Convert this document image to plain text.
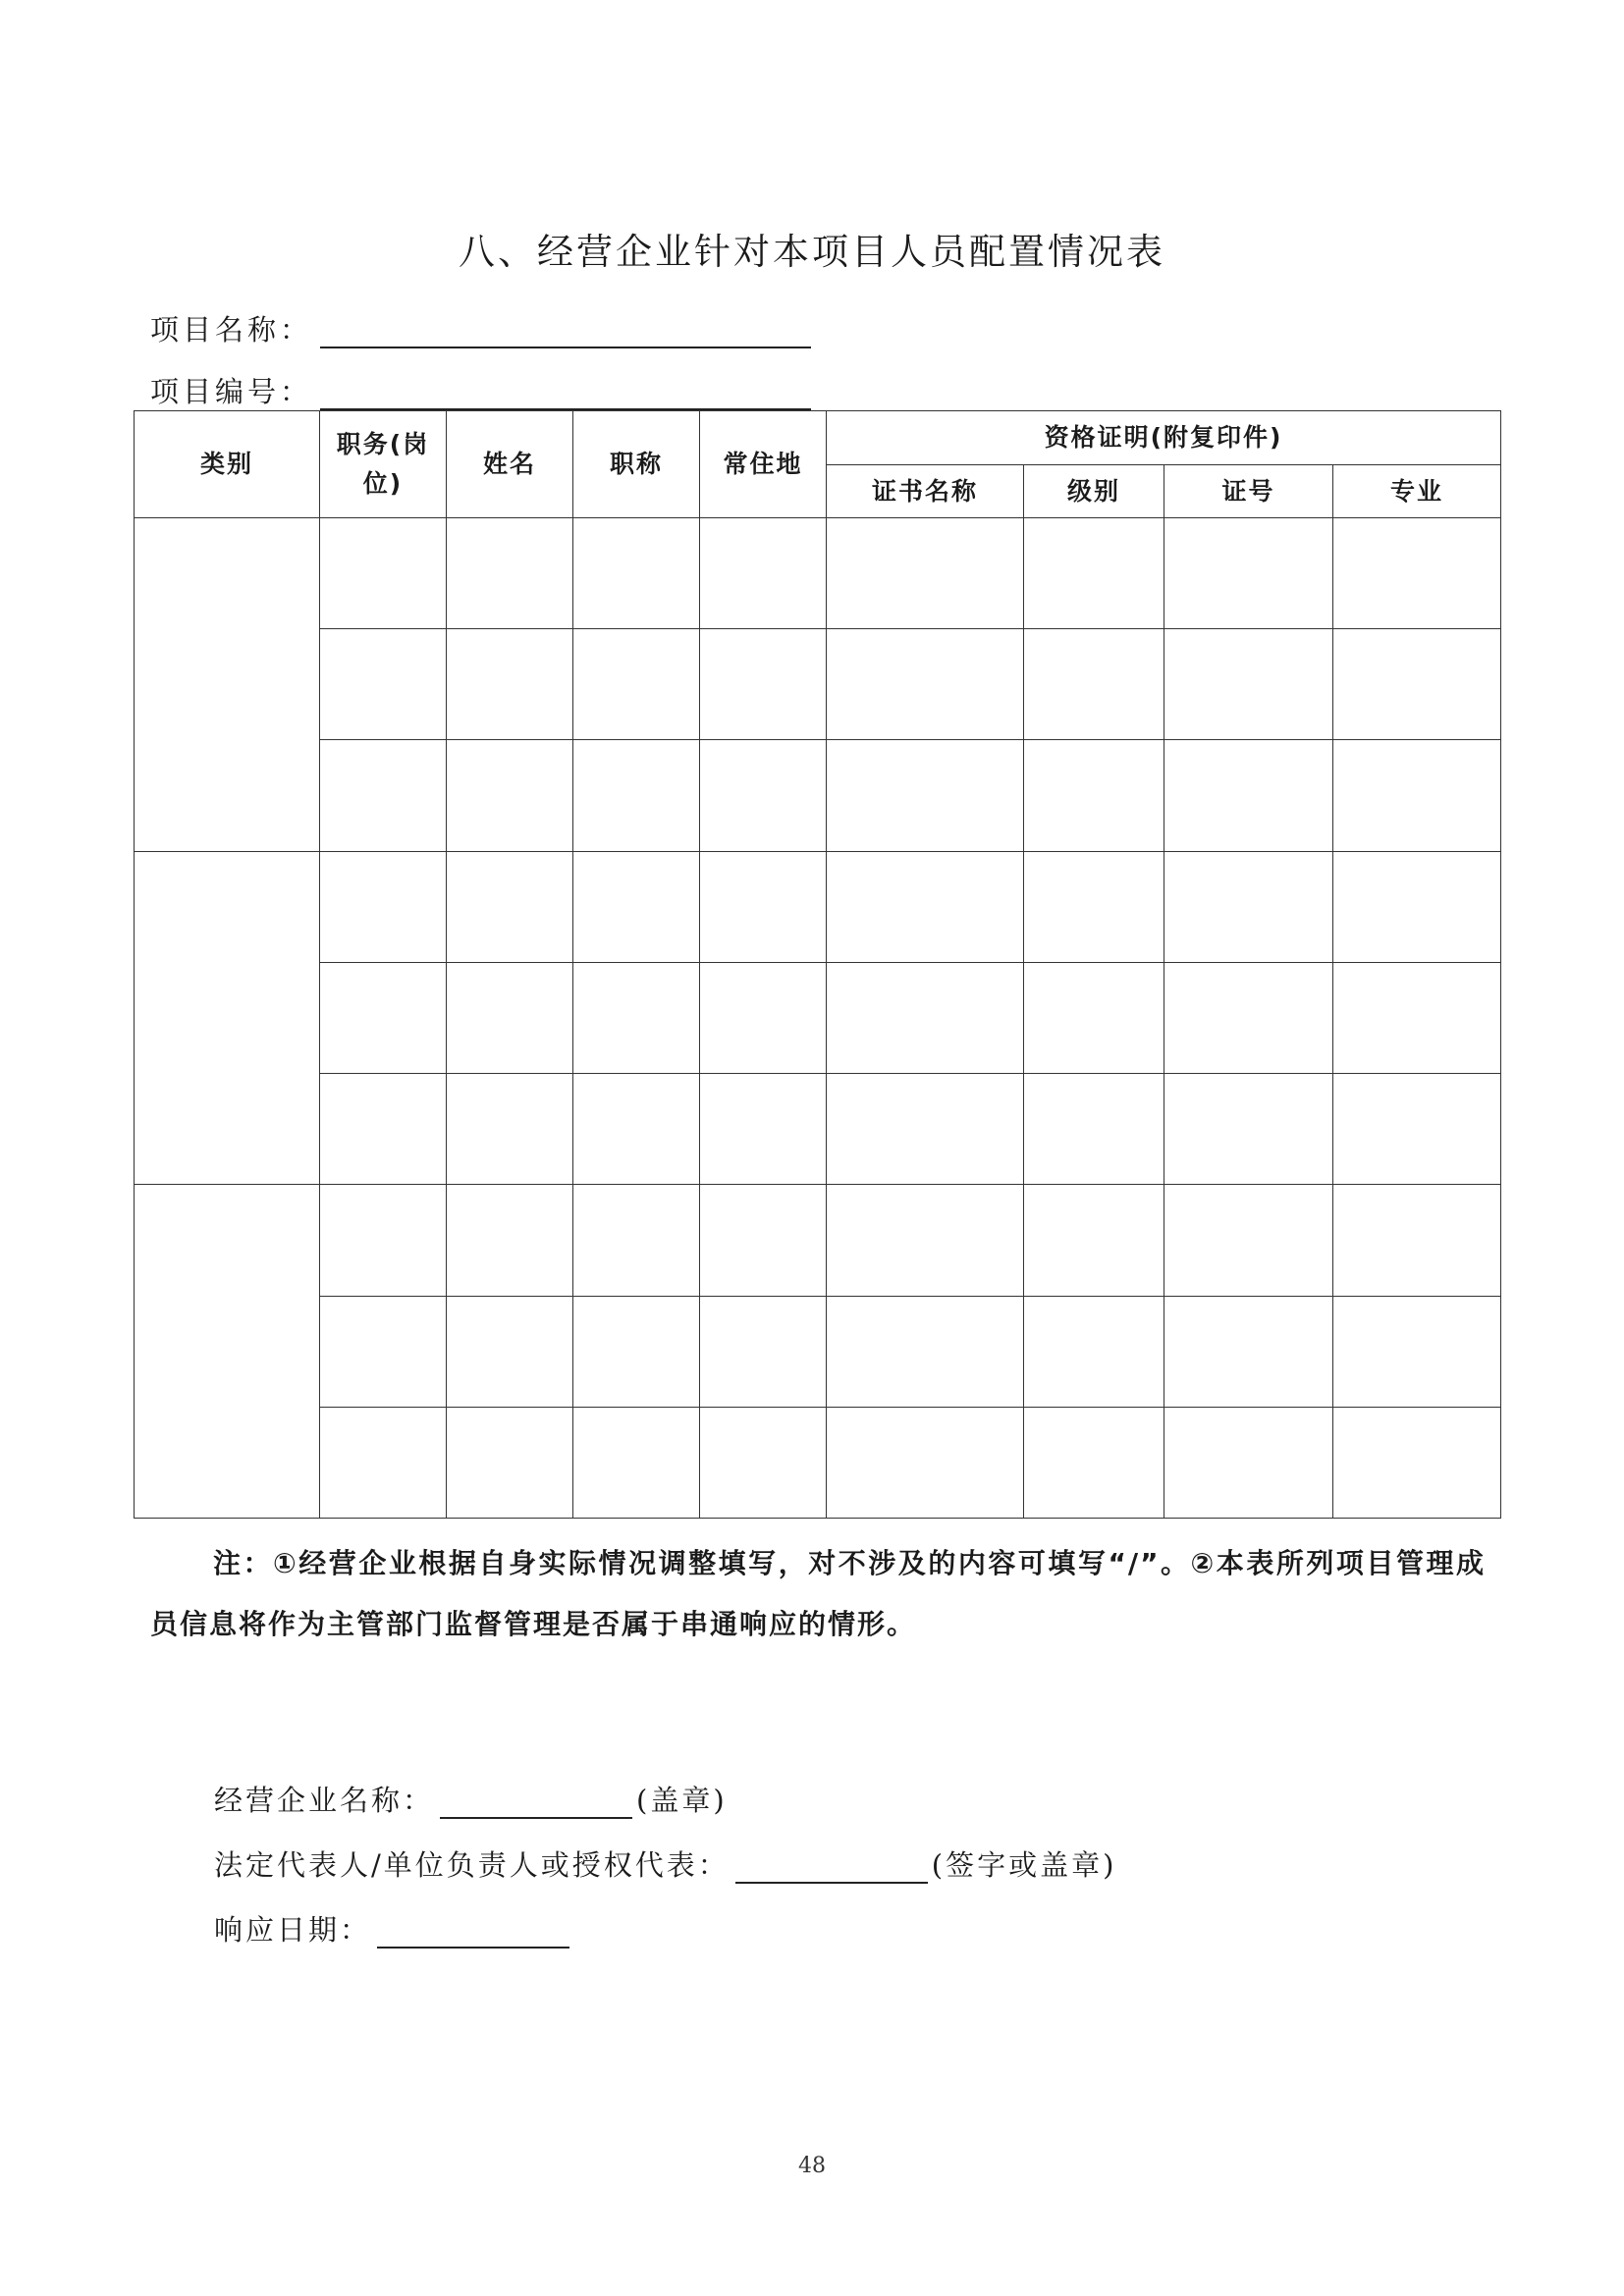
八、经营企业针对本项目人员配置情况表
项目名称：
项目编号：
类别	职务(岗位)	姓名	职称	常住地	资格证明(附复印件)			
					证书名称	级别	证号	专业

注：①经营企业根据自身实际情况调整填写，对不涉及的内容可填写“/”。②本表所列项目管理成员信息将作为主管部门监督管理是否属于串通响应的情形。

经营企业名称：	(盖章)
法定代表人/单位负责人或授权代表：	(签字或盖章)
响应日期：
48
